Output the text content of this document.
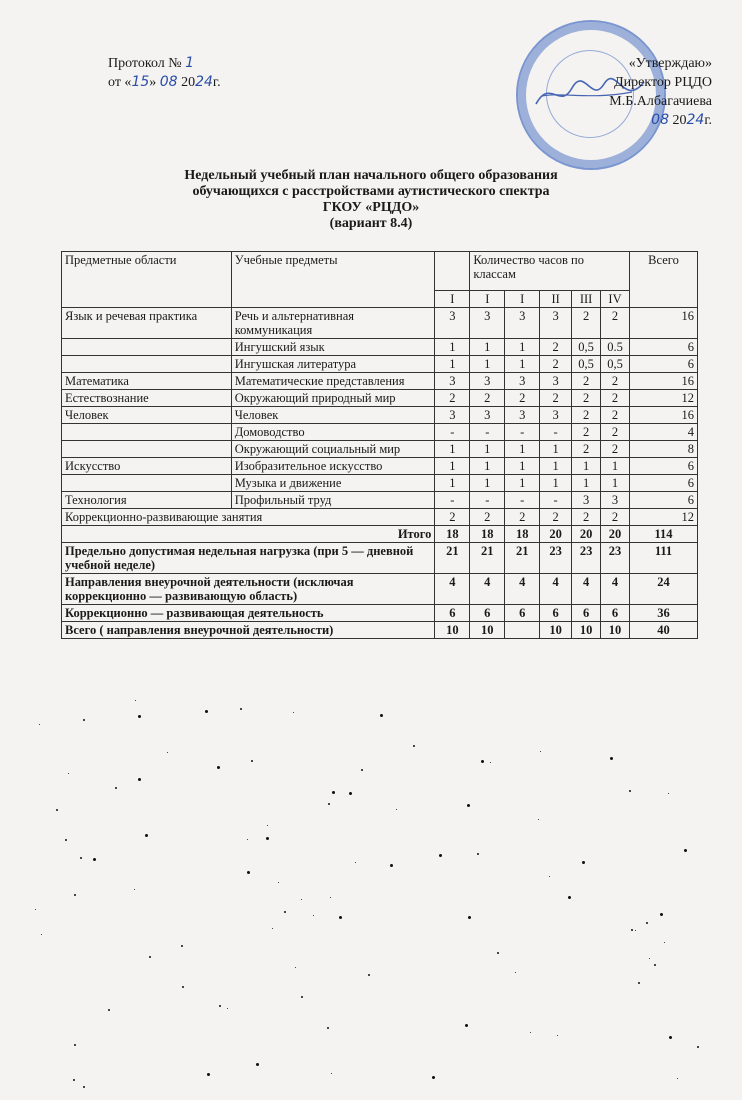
Протокол № 1
от «15» 08 2024г.
«Утверждаю»
Директор РЦДО
М.Б.Албагачиева
08 2024г.
Недельный учебный план начального общего образования
обучающихся с расстройствами аутистического спектра
ГКОУ «РЦДО»
(вариант 8.4)
Предметные области	Учебные предметы		Количество часов по классам					Всего
		I	I	I	II	III	IV	
Язык и речевая практика	Речь и альтернативная коммуникация	3	3	3	3	2	2	16
	Ингушский язык	1	1	1	2	0,5	0.5	6
	Ингушская литература	1	1	1	2	0,5	0,5	6
Математика	Математические представления	3	3	3	3	2	2	16
Естествознание	Окружающий природный мир	2	2	2	2	2	2	12
Человек	Человек	3	3	3	3	2	2	16
	Домоводство	-	-	-	-	2	2	4
	Окружающий социальный мир	1	1	1	1	2	2	8
Искусство	Изобразительное искусство	1	1	1	1	1	1	6
	Музыка и движение	1	1	1	1	1	1	6
Технология	Профильный труд	-	-	-	-	3	3	6
Коррекционно-развивающие занятия		2	2	2	2	2	2	12
Итого		18	18	18	20	20	20	114
Предельно допустимая недельная нагрузка (при 5 — дневной учебной неделе)		21	21	21	23	23	23	111
Направления внеурочной деятельности (исключая коррекционно — развивающую область)		4	4	4	4	4	4	24
Коррекционно — развивающая деятельность		6	6	6	6	6	6	36
Всего ( направления внеурочной деятельности)		10	10		10	10	10	40
